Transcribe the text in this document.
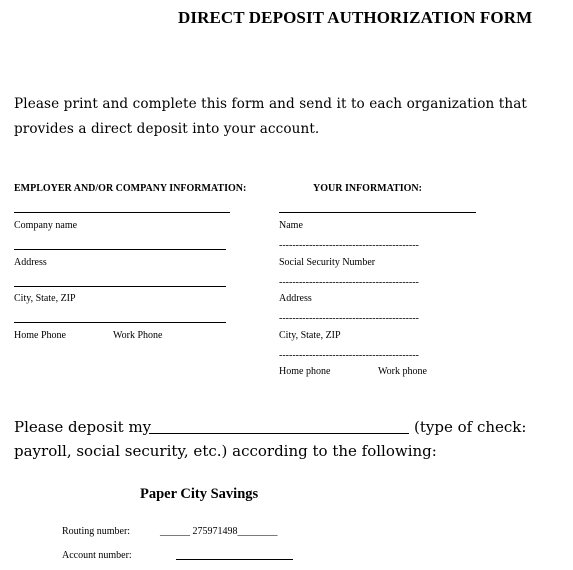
DIRECT DEPOSIT AUTHORIZATION FORM
Please print and complete this form and send it to each organization that
provides a direct deposit into your account.
EMPLOYER AND/OR COMPANY INFORMATION:
Company name
Address
City, State, ZIP
Home Phone	Work Phone
YOUR INFORMATION:
Name
------------------------------------------
Social Security Number
------------------------------------------
Address
------------------------------------------
City, State, ZIP
------------------------------------------
Home phone	Work phone
Please deposit my	(type of check:
payroll, social security, etc.) according to the following:
Paper City Savings
Routing number:	______ 275971498________
Account number:
